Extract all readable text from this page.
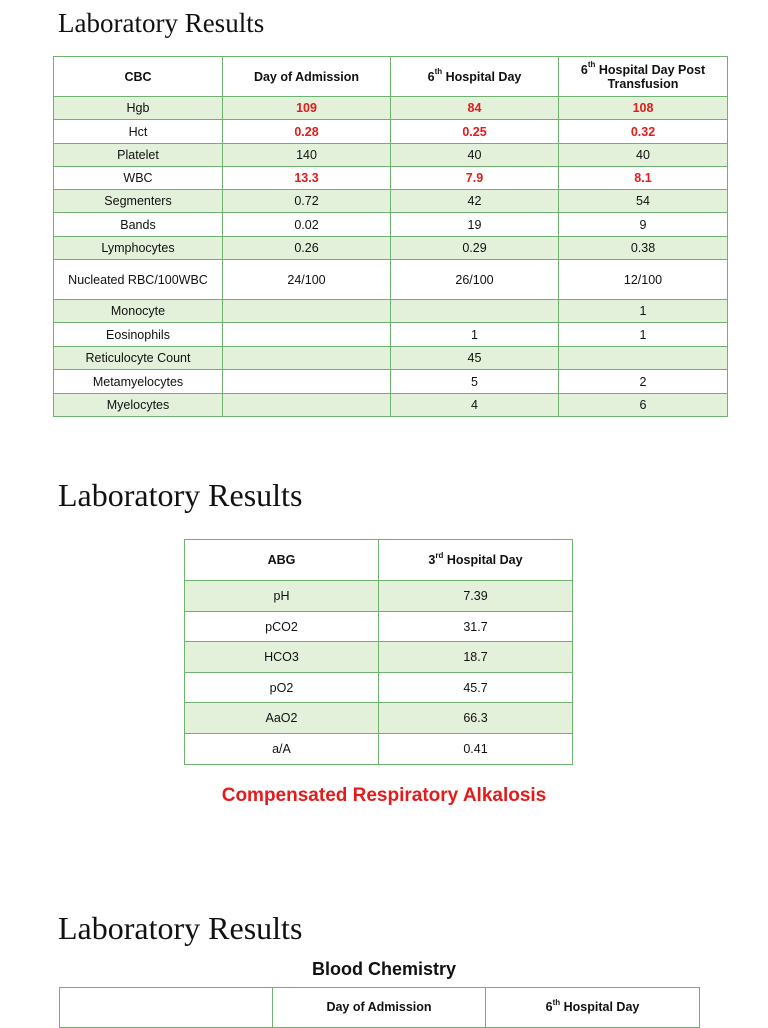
Laboratory Results
CBC	Day of Admission	6th Hospital Day	6th Hospital Day Post Transfusion
Hgb	109	84	108
Hct	0.28	0.25	0.32
Platelet	140	40	40
WBC	13.3	7.9	8.1
Segmenters	0.72	42	54
Bands	0.02	19	9
Lymphocytes	0.26	0.29	0.38
Nucleated RBC/100WBC	24/100	26/100	12/100
Monocyte			1
Eosinophils		1	1
Reticulocyte Count		45	
Metamyelocytes		5	2
Myelocytes		4	6
Laboratory Results
ABG	3rd Hospital Day
pH	7.39
pCO2	31.7
HCO3	18.7
pO2	45.7
AaO2	66.3
a/A	0.41
Compensated Respiratory Alkalosis
Laboratory Results
Blood Chemistry
	Day of Admission	6th Hospital Day
